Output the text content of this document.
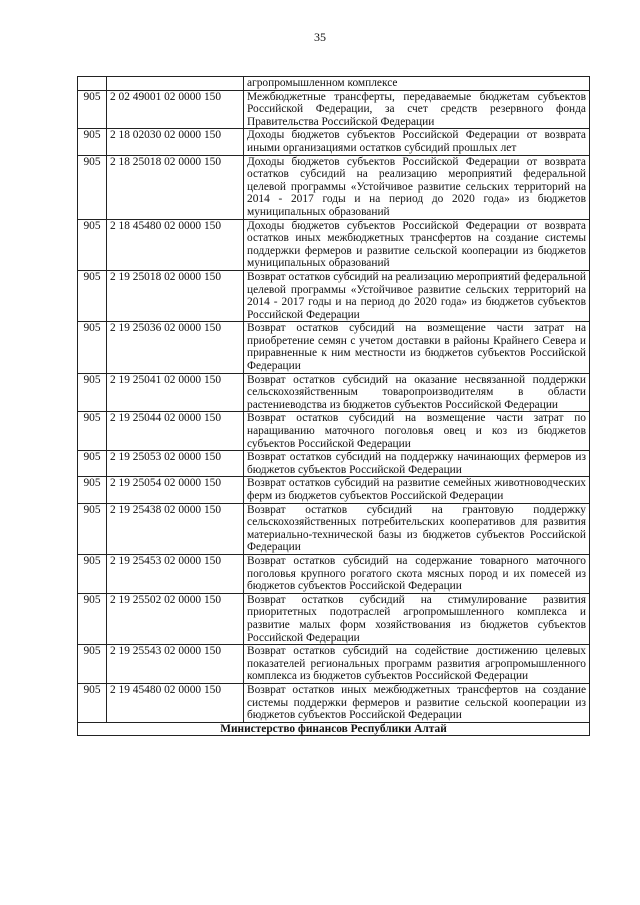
35
		агропромышленном комплексе
905	2 02 49001 02 0000 150	Межбюджетные трансферты, передаваемые бюджетам субъектов Российской Федерации, за счет средств резервного фонда Правительства Российской Федерации
905	2 18 02030 02 0000 150	Доходы бюджетов субъектов Российской Федерации от возврата иными организациями остатков субсидий прошлых лет
905	2 18 25018 02 0000 150	Доходы бюджетов субъектов Российской Федерации от возврата остатков субсидий на реализацию мероприятий федеральной целевой программы «Устойчивое развитие сельских территорий на 2014 - 2017 годы и на период до 2020 года» из бюджетов муниципальных образований
905	2 18 45480 02 0000 150	Доходы бюджетов субъектов Российской Федерации от возврата остатков иных межбюджетных трансфертов на создание системы поддержки фермеров и развитие сельской кооперации из бюджетов муниципальных образований
905	2 19 25018 02 0000 150	Возврат остатков субсидий на реализацию мероприятий федеральной целевой программы «Устойчивое развитие сельских территорий на 2014 - 2017 годы и на период до 2020 года» из бюджетов субъектов Российской Федерации
905	2 19 25036 02 0000 150	Возврат остатков субсидий на возмещение части затрат на приобретение семян с учетом доставки в районы Крайнего Севера и приравненные к ним местности из бюджетов субъектов Российской Федерации
905	2 19 25041 02 0000 150	Возврат остатков субсидий на оказание несвязанной поддержки сельскохозяйственным товаропроизводителям в области растениеводства из бюджетов субъектов Российской Федерации
905	2 19 25044 02 0000 150	Возврат остатков субсидий на возмещение части затрат по наращиванию маточного поголовья овец и коз из бюджетов субъектов Российской Федерации
905	2 19 25053 02 0000 150	Возврат остатков субсидий на поддержку начинающих фермеров из бюджетов субъектов Российской Федерации
905	2 19 25054 02 0000 150	Возврат остатков субсидий на развитие семейных животноводческих ферм из бюджетов субъектов Российской Федерации
905	2 19 25438 02 0000 150	Возврат остатков субсидий на грантовую поддержку сельскохозяйственных потребительских кооперативов для развития материально-технической базы из бюджетов субъектов Российской Федерации
905	2 19 25453 02 0000 150	Возврат остатков субсидий на содержание товарного маточного поголовья крупного рогатого скота мясных пород и их помесей из бюджетов субъектов Российской Федерации
905	2 19 25502 02 0000 150	Возврат остатков субсидий на стимулирование развития приоритетных подотраслей агропромышленного комплекса и развитие малых форм хозяйствования из бюджетов субъектов Российской Федерации
905	2 19 25543 02 0000 150	Возврат остатков субсидий на содействие достижению целевых показателей региональных программ развития агропромышленного комплекса из бюджетов субъектов Российской Федерации
905	2 19 45480 02 0000 150	Возврат остатков иных межбюджетных трансфертов на создание системы поддержки фермеров и развитие сельской кооперации из бюджетов субъектов Российской Федерации
Министерство финансов Республики Алтай		
